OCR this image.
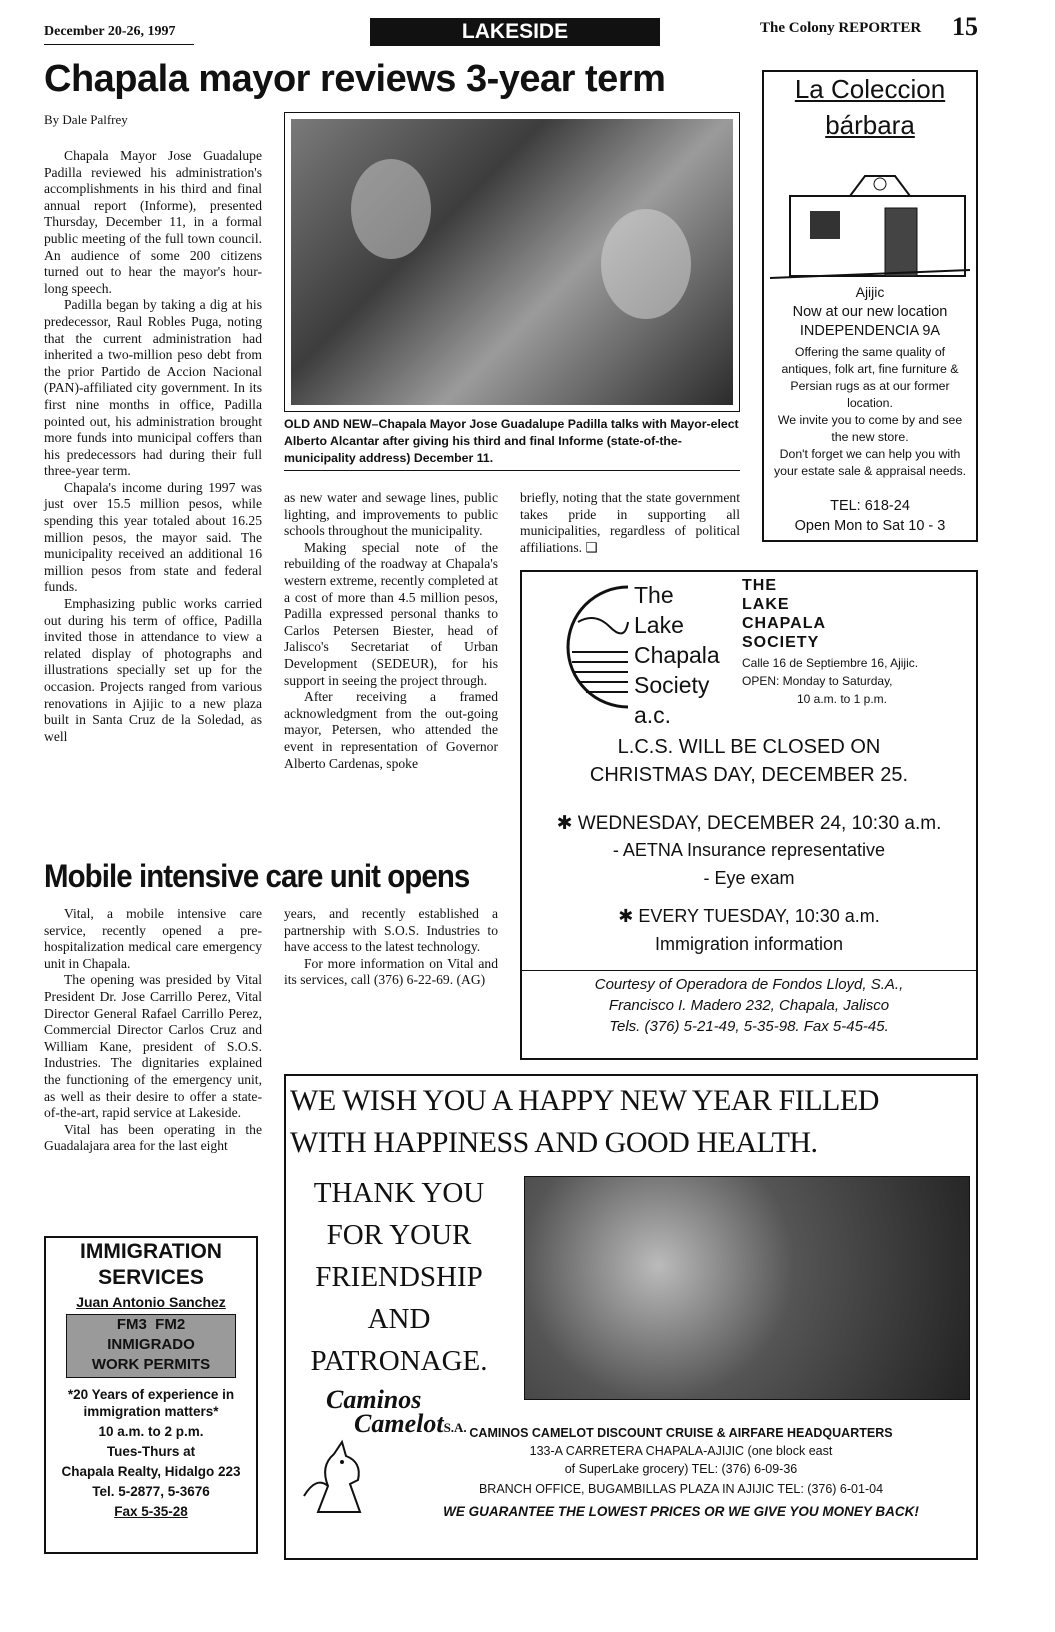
December 20-26, 1997	LAKESIDE	The Colony REPORTER 15
Chapala mayor reviews 3-year term
By Dale Palfrey

Chapala Mayor Jose Guadalupe Padilla reviewed his administration's accomplishments in his third and final annual report (Informe), presented Thursday, December 11, in a formal public meeting of the full town council. An audience of some 200 citizens turned out to hear the mayor's hour-long speech.

Padilla began by taking a dig at his predecessor, Raul Robles Puga, noting that the current administration had inherited a two-million peso debt from the prior Partido de Accion Nacional (PAN)-affiliated city government. In its first nine months in office, Padilla pointed out, his administration brought more funds into municipal coffers than his predecessors had during their full three-year term.

Chapala's income during 1997 was just over 15.5 million pesos, while spending this year totaled about 16.25 million pesos, the mayor said. The municipality received an additional 16 million pesos from state and federal funds.

Emphasizing public works carried out during his term of office, Padilla invited those in attendance to view a related display of photographs and illustrations specially set up for the occasion. Projects ranged from various renovations in Ajijic to a new plaza built in Santa Cruz de la Soledad, as well

OLD AND NEW–Chapala Mayor Jose Guadalupe Padilla talks with Mayor-elect Alberto Alcantar after giving his third and final Informe (state-of-the-municipality address) December 11.

as new water and sewage lines, public lighting, and improvements to public schools throughout the municipality.

Making special note of the rebuilding of the roadway at Chapala's western extreme, recently completed at a cost of more than 4.5 million pesos, Padilla expressed personal thanks to Carlos Petersen Biester, head of Jalisco's Secretariat of Urban Development (SEDEUR), for his support in seeing the project through.

After receiving a framed acknowledgment from the out-going mayor, Petersen, who attended the event in representation of Governor Alberto Cardenas, spoke

briefly, noting that the state government takes pride in supporting all municipalities, regardless of political affiliations. ❑

Mobile intensive care unit opens

Vital, a mobile intensive care service, recently opened a pre-hospitalization medical care emergency unit in Chapala.

The opening was presided by Vital President Dr. Jose Carrillo Perez, Vital Director General Rafael Carrillo Perez, Commercial Director Carlos Cruz and William Kane, president of S.O.S. Industries. The dignitaries explained the functioning of the emergency unit, as well as their desire to offer a state-of-the-art, rapid service at Lakeside.

Vital has been operating in the Guadalajara area for the last eight

years, and recently established a partnership with S.O.S. Industries to have access to the latest technology.

For more information on Vital and its services, call (376) 6-22-69. (AG)

La Coleccion
bárbara
Ajijic
Now at our new location
INDEPENDENCIA 9A
Offering the same quality of antiques, folk art, fine furniture & Persian rugs as at our former location.
We invite you to come by and see the new store.
Don't forget we can help you with your estate sale & appraisal needs.
TEL: 618-24
Open Mon to Sat 10 - 3
The
Lake
Chapala
Society
a.c.
THE
LAKE
CHAPALA
SOCIETY
Calle 16 de Septiembre 16, Ajijic.
OPEN: Monday to Saturday,
10 a.m. to 1 p.m.
L.C.S. WILL BE CLOSED ON
CHRISTMAS DAY, DECEMBER 25.
✱ WEDNESDAY, DECEMBER 24, 10:30 a.m.
- AETNA Insurance representative
- Eye exam
✱ EVERY TUESDAY, 10:30 a.m.
Immigration information
Courtesy of Operadora de Fondos Lloyd, S.A.,
Francisco I. Madero 232, Chapala, Jalisco
Tels. (376) 5-21-49, 5-35-98. Fax 5-45-45.
IMMIGRATION
SERVICES
Juan Antonio Sanchez
FM3  FM2
INMIGRADO
WORK PERMITS
*20 Years of experience in immigration matters*
10 a.m. to 2 p.m.
Tues-Thurs at
Chapala Realty, Hidalgo 223
Tel. 5-2877, 5-3676
Fax 5-35-28
WE WISH YOU A HAPPY NEW YEAR FILLED
WITH HAPPINESS AND GOOD HEALTH.
THANK YOU
FOR YOUR
FRIENDSHIP
AND
PATRONAGE.
Caminos
CamelotS.A. CAMINOS CAMELOT DISCOUNT CRUISE & AIRFARE HEADQUARTERS
133-A CARRETERA CHAPALA-AJIJIC (one block east
of SuperLake grocery) TEL: (376) 6-09-36
BRANCH OFFICE, BUGAMBILLAS PLAZA IN AJIJIC TEL: (376) 6-01-04
WE GUARANTEE THE LOWEST PRICES OR WE GIVE YOU MONEY BACK!
